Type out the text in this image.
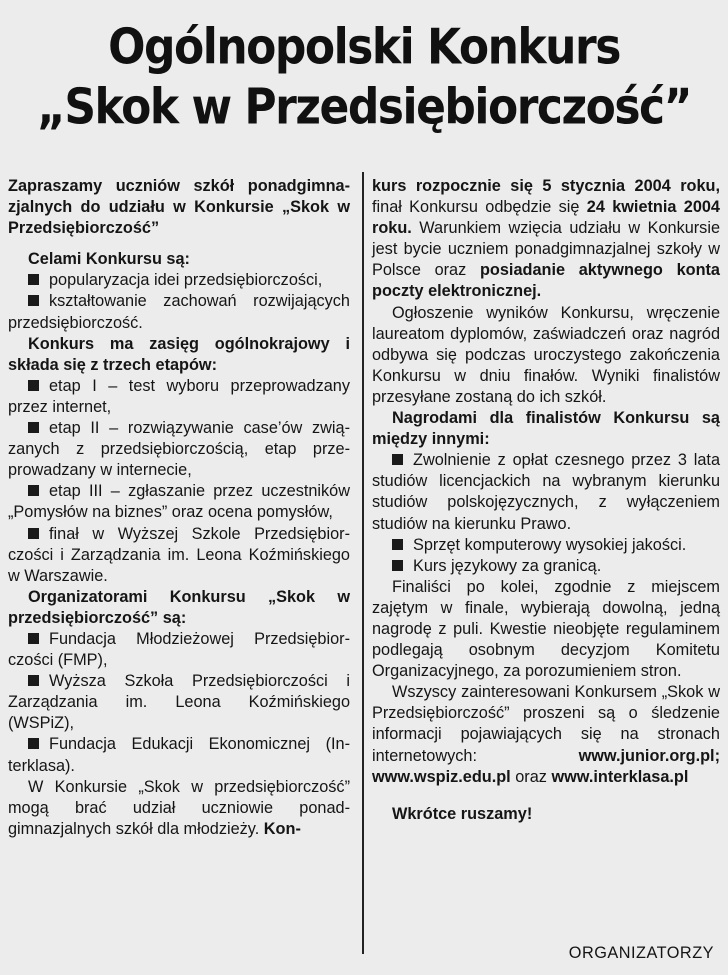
Ogólnopolski Konkurs
„Skok w Przedsiębiorczość”

Zapraszamy uczniów szkół ponadgimnazjalnych do udziału w Konkursie „Skok w Przedsiębiorczość”

Celami Konkursu są:

popularyzacja idei przedsiębiorczości,

kształtowanie zachowań rozwijających przedsiębiorczość.

Konkurs ma zasięg ogólnokrajowy i składa się z trzech etapów:

etap I – test wyboru przeprowadzany przez internet,

etap II – rozwiązywanie case’ów związanych z przedsiębiorczością, etap przeprowadzany w internecie,

etap III – zgłaszanie przez uczestników „Pomysłów na biznes” oraz ocena pomysłów,

finał w Wyższej Szkole Przedsiębiorczości i Zarządzania im. Leona Koźmińskiego w Warszawie.

Organizatorami Konkursu „Skok w przedsiębiorczość” są:

Fundacja Młodzieżowej Przedsiębiorczości (FMP),

Wyższa Szkoła Przedsiębiorczości i Zarządzania im. Leona Koźmińskiego (WSPiZ),

Fundacja Edukacji Ekonomicznej (Interklasa).

W Konkursie „Skok w przedsiębiorczość” mogą brać udział uczniowie ponadgimnazjalnych szkół dla młodzieży. Kon-

kurs rozpocznie się 5 stycznia 2004 roku, finał Konkursu odbędzie się 24 kwietnia 2004 roku. Warunkiem wzięcia udziału w Konkursie jest bycie uczniem ponadgimnazjalnej szkoły w Polsce oraz posiadanie aktywnego konta poczty elektronicznej.

Ogłoszenie wyników Konkursu, wręczenie laureatom dyplomów, zaświadczeń oraz nagród odbywa się podczas uroczystego zakończenia Konkursu w dniu finałów. Wyniki finalistów przesyłane zostaną do ich szkół.

Nagrodami dla finalistów Konkursu są między innymi:

Zwolnienie z opłat czesnego przez 3 lata studiów licencjackich na wybranym kierunku studiów polskojęzycznych, z wyłączeniem studiów na kierunku Prawo.

Sprzęt komputerowy wysokiej jakości.

Kurs językowy za granicą.

Finaliści po kolei, zgodnie z miejscem zajętym w finale, wybierają dowolną, jedną nagrodę z puli. Kwestie nieobjęte regulaminem podlegają osobnym decyzjom Komitetu Organizacyjnego, za porozumieniem stron.

Wszyscy zainteresowani Konkursem „Skok w Przedsiębiorczość” proszeni są o śledzenie informacji pojawiających się na stronach internetowych:	www.junior.org.pl; www.wspiz.edu.pl oraz www.interklasa.pl

Wkrótce ruszamy!

ORGANIZATORZY
